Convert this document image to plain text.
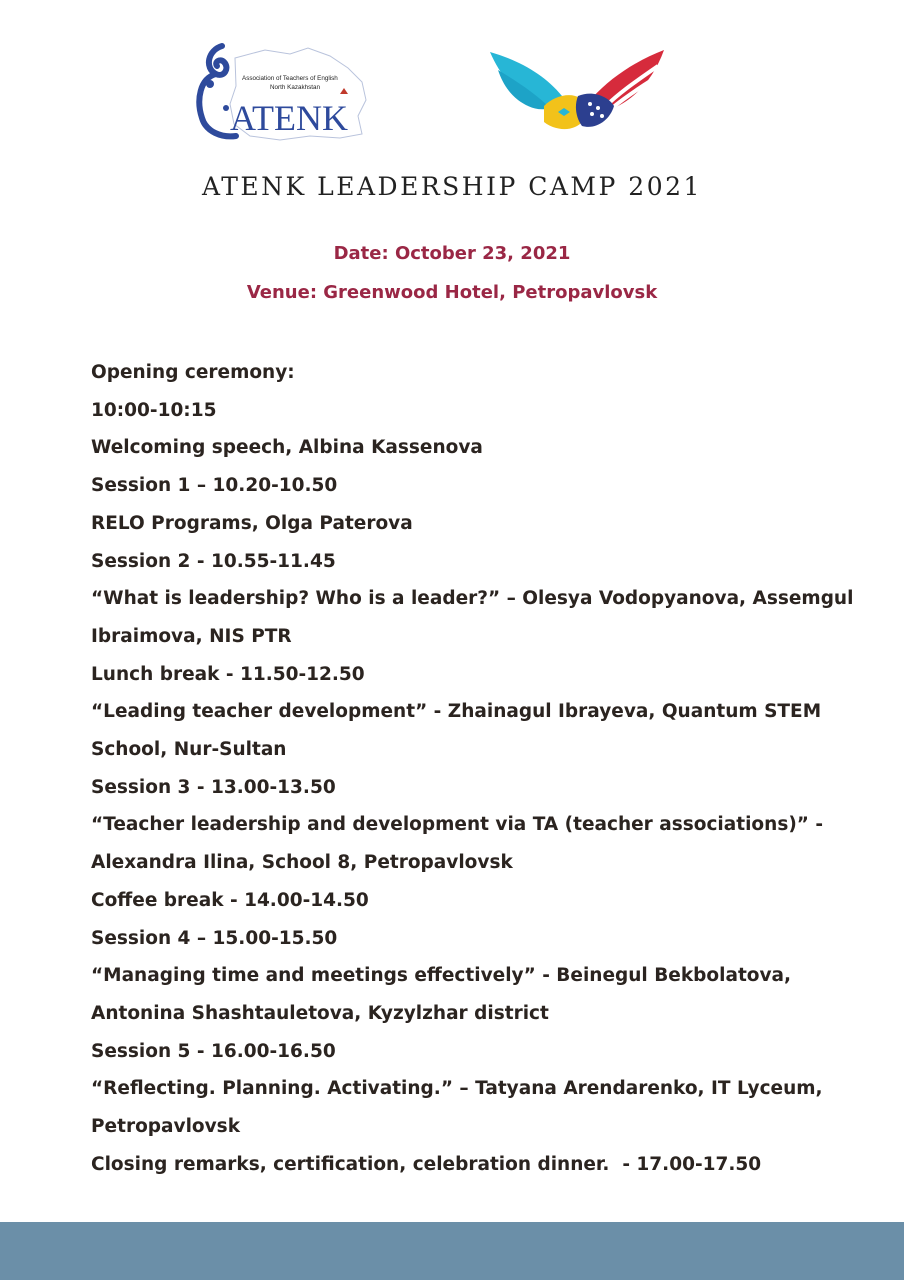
Association of Teachers of English
North Kazakhstan
ATENK
ATENK LEADERSHIP CAMP 2021
Date: October 23, 2021
Venue: Greenwood Hotel, Petropavlovsk
Opening ceremony:
10:00-10:15
Welcoming speech, Albina Kassenova
Session 1 – 10.20-10.50
RELO Programs, Olga Paterova
Session 2 - 10.55-11.45
“What is leadership? Who is a leader?” – Olesya Vodopyanova, Assemgul
Ibraimova, NIS PTR
Lunch break - 11.50-12.50
“Leading teacher development” - Zhainagul Ibrayeva, Quantum STEM
School, Nur-Sultan
Session 3 - 13.00-13.50
“Teacher leadership and development via TA (teacher associations)” -
Alexandra Ilina, School 8, Petropavlovsk
Coffee break - 14.00-14.50
Session 4 – 15.00-15.50
“Managing time and meetings effectively” - Beinegul Bekbolatova,
Antonina Shashtauletova, Kyzylzhar district
Session 5 - 16.00-16.50
“Reflecting. Planning. Activating.” – Tatyana Arendarenko, IT Lyceum,
Petropavlovsk
Closing remarks, certification, celebration dinner.  - 17.00-17.50
